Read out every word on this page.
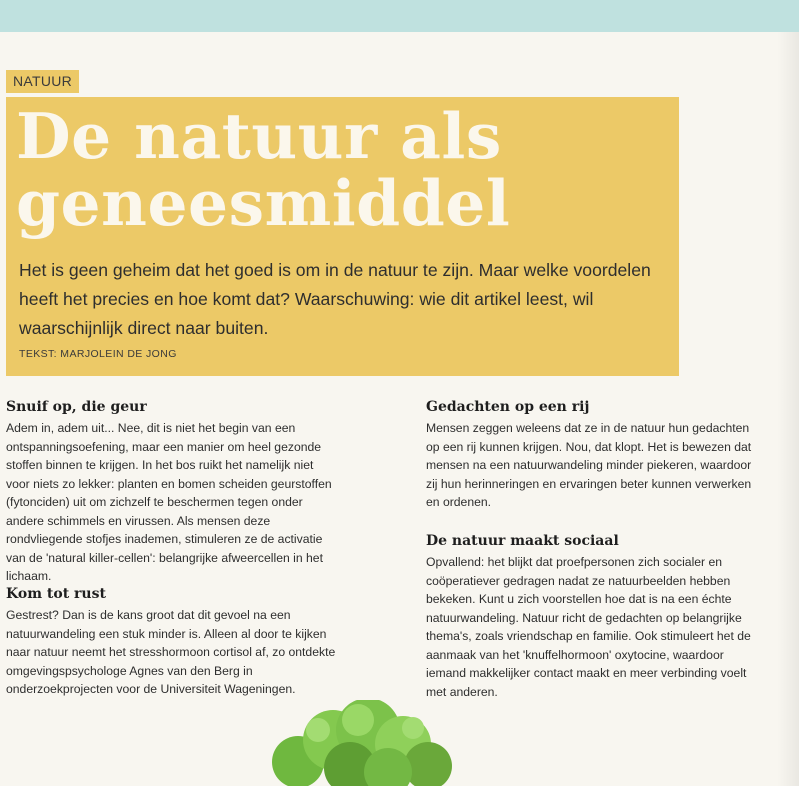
NATUUR
De natuur als
geneesmiddel

Het is geen geheim dat het goed is om in de natuur te zijn. Maar welke voordelen heeft het precies en hoe komt dat? Waarschuwing: wie dit artikel leest, wil waarschijnlijk direct naar buiten.

TEKST: MARJOLEIN DE JONG

Snuif op, die geur

Adem in, adem uit... Nee, dit is niet het begin van een ontspanningsoefening, maar een manier om heel gezonde stoffen binnen te krijgen. In het bos ruikt het namelijk niet voor niets zo lekker: planten en bomen scheiden geurstoffen (fytonciden) uit om zichzelf te beschermen tegen onder andere schimmels en virussen. Als mensen deze rondvliegende stofjes inademen, stimuleren ze de activatie van de 'natural killer-cellen': belangrijke afweercellen in het lichaam.

Kom tot rust

Gestrest? Dan is de kans groot dat dit gevoel na een natuurwandeling een stuk minder is. Alleen al door te kijken naar natuur neemt het stresshormoon cortisol af, zo ontdekte omgevingspsychologe Agnes van den Berg in onderzoekprojecten voor de Universiteit Wageningen.

Gedachten op een rij

Mensen zeggen weleens dat ze in de natuur hun gedachten op een rij kunnen krijgen. Nou, dat klopt. Het is bewezen dat mensen na een natuurwandeling minder piekeren, waardoor zij hun herinneringen en ervaringen beter kunnen verwerken en ordenen.

De natuur maakt sociaal

Opvallend: het blijkt dat proefpersonen zich socialer en coöperatiever gedragen nadat ze natuurbeelden hebben bekeken. Kunt u zich voorstellen hoe dat is na een échte natuurwandeling. Natuur richt de gedachten op belangrijke thema's, zoals vriendschap en familie. Ook stimuleert het de aanmaak van het 'knuffelhormoon' oxytocine, waardoor iemand makkelijker contact maakt en meer verbinding voelt met anderen.
